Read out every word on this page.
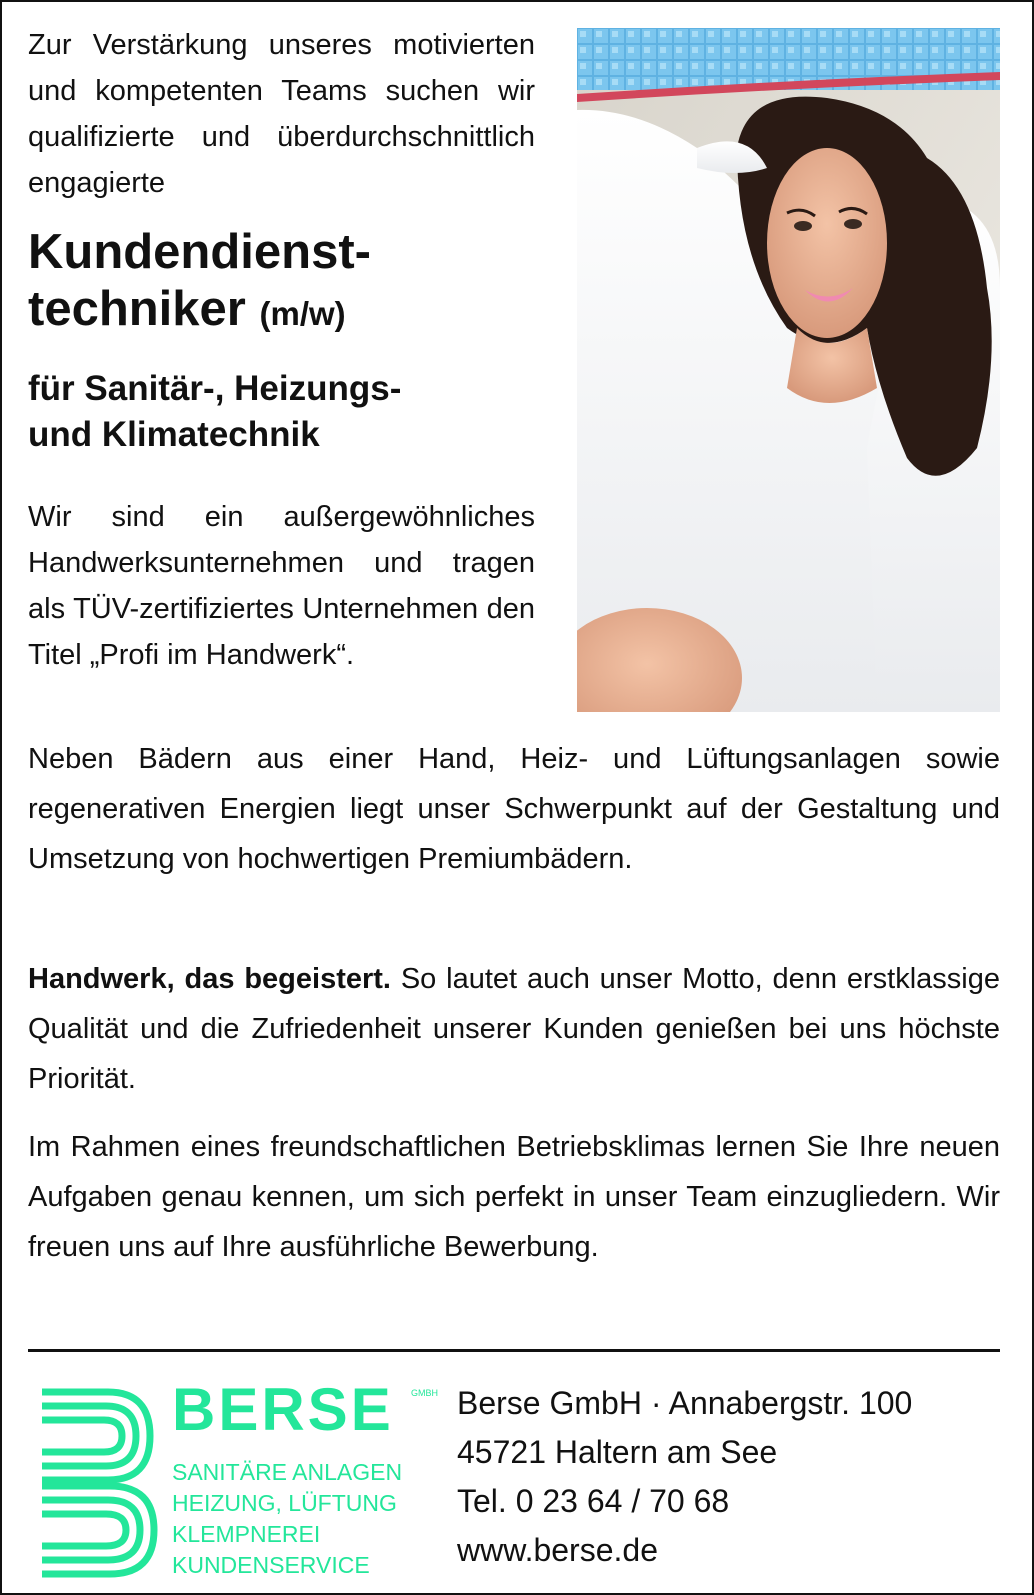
Zur Verstärkung unseres motivierten und kompetenten Teams suchen wir qualifizierte und überdurchschnittlich engagierte
Kundendienst-
techniker (m/w)
für Sanitär-, Heizungs-
und Klimatechnik
Wir sind ein außergewöhnliches Handwerksunternehmen und tragen als TÜV-zertifiziertes Unternehmen den Titel „Profi im Handwerk“.

Neben Bädern aus einer Hand, Heiz- und Lüftungsanlagen sowie regenerativen Energien liegt unser Schwerpunkt auf der Gestaltung und Umsetzung von hochwertigen Premiumbädern.

Handwerk, das begeistert. So lautet auch unser Motto, denn erstklassige Qualität und die Zufriedenheit unserer Kunden genießen bei uns höchste Priorität.

Im Rahmen eines freundschaftlichen Betriebsklimas lernen Sie Ihre neuen Aufgaben genau kennen, um sich perfekt in unser Team einzugliedern. Wir freuen uns auf Ihre ausführliche Bewerbung.

BERSE GMBH
SANITÄRE ANLAGEN
HEIZUNG, LÜFTUNG
KLEMPNEREI
KUNDENSERVICE
Berse GmbH · Annabergstr. 100
45721 Haltern am See
Tel. 0 23 64 / 70 68
www.berse.de
